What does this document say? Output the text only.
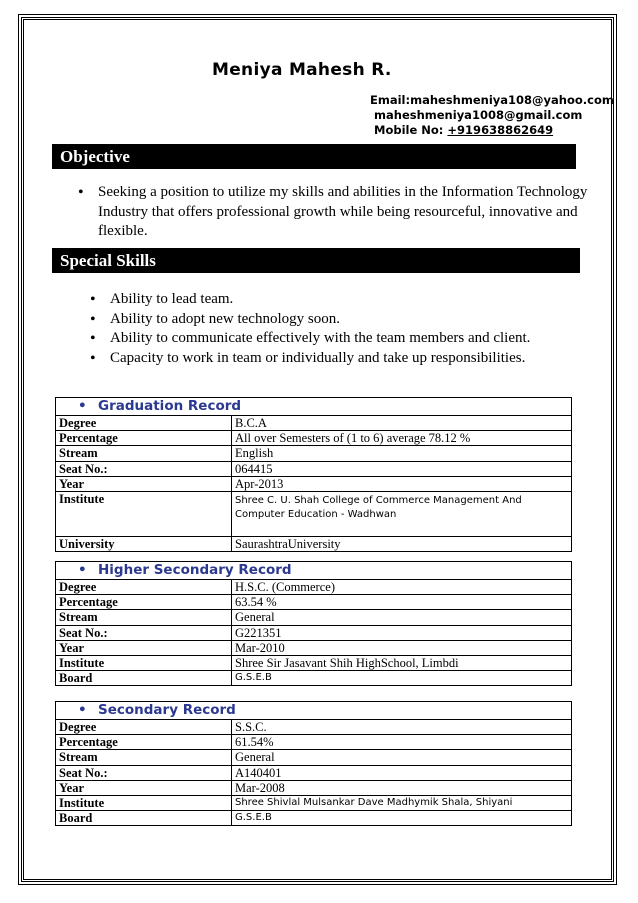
Meniya Mahesh R.
Email:maheshmeniya108@yahoo.com
maheshmeniya1008@gmail.com
Mobile No: +919638862649
Objective
• Seeking a position to utilize my skills and abilities in the Information Technology Industry that offers professional growth while being resourceful, innovative and flexible.
Special Skills
• Ability to lead team.
• Ability to adopt new technology soon.
• Ability to communicate effectively with the team members and client.
• Capacity to work in team or individually and take up responsibilities.
• Graduation Record
Degree	B.C.A
Percentage	All over Semesters of (1 to 6) average 78.12 %
Stream	English
Seat No.:	064415
Year	Apr-2013
Institute	Shree C. U. Shah College of Commerce Management And Computer Education - Wadhwan
University	SaurashtraUniversity
• Higher Secondary Record
Degree	H.S.C. (Commerce)
Percentage	63.54 %
Stream	General
Seat No.:	G221351
Year	Mar-2010
Institute	Shree Sir Jasavant Shih HighSchool, Limbdi
Board	G.S.E.B
• Secondary Record
Degree	S.S.C.
Percentage	61.54%
Stream	General
Seat No.:	A140401
Year	Mar-2008
Institute	Shree Shivlal Mulsankar Dave Madhymik Shala, Shiyani
Board	G.S.E.B
